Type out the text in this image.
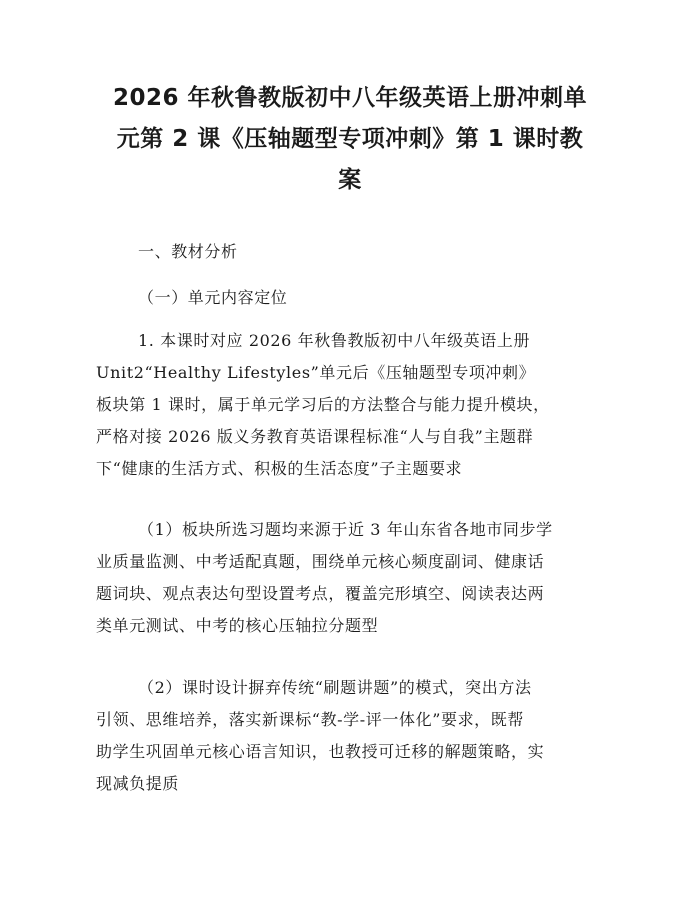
2026 年秋鲁教版初中八年级英语上册冲刺单
元第 2 课《压轴题型专项冲刺》第 1 课时教
案
一、教材分析
（一）单元内容定位
1. 本课时对应 2026 年秋鲁教版初中八年级英语上册
Unit2“Healthy Lifestyles”单元后《压轴题型专项冲刺》
板块第 1 课时，属于单元学习后的方法整合与能力提升模块，
严格对接 2026 版义务教育英语课程标准“人与自我”主题群
下“健康的生活方式、积极的生活态度”子主题要求
（1）板块所选习题均来源于近 3 年山东省各地市同步学
业质量监测、中考适配真题，围绕单元核心频度副词、健康话
题词块、观点表达句型设置考点，覆盖完形填空、阅读表达两
类单元测试、中考的核心压轴拉分题型
（2）课时设计摒弃传统“刷题讲题”的模式，突出方法
引领、思维培养，落实新课标“教-学-评一体化”要求，既帮
助学生巩固单元核心语言知识，也教授可迁移的解题策略，实
现减负提质
